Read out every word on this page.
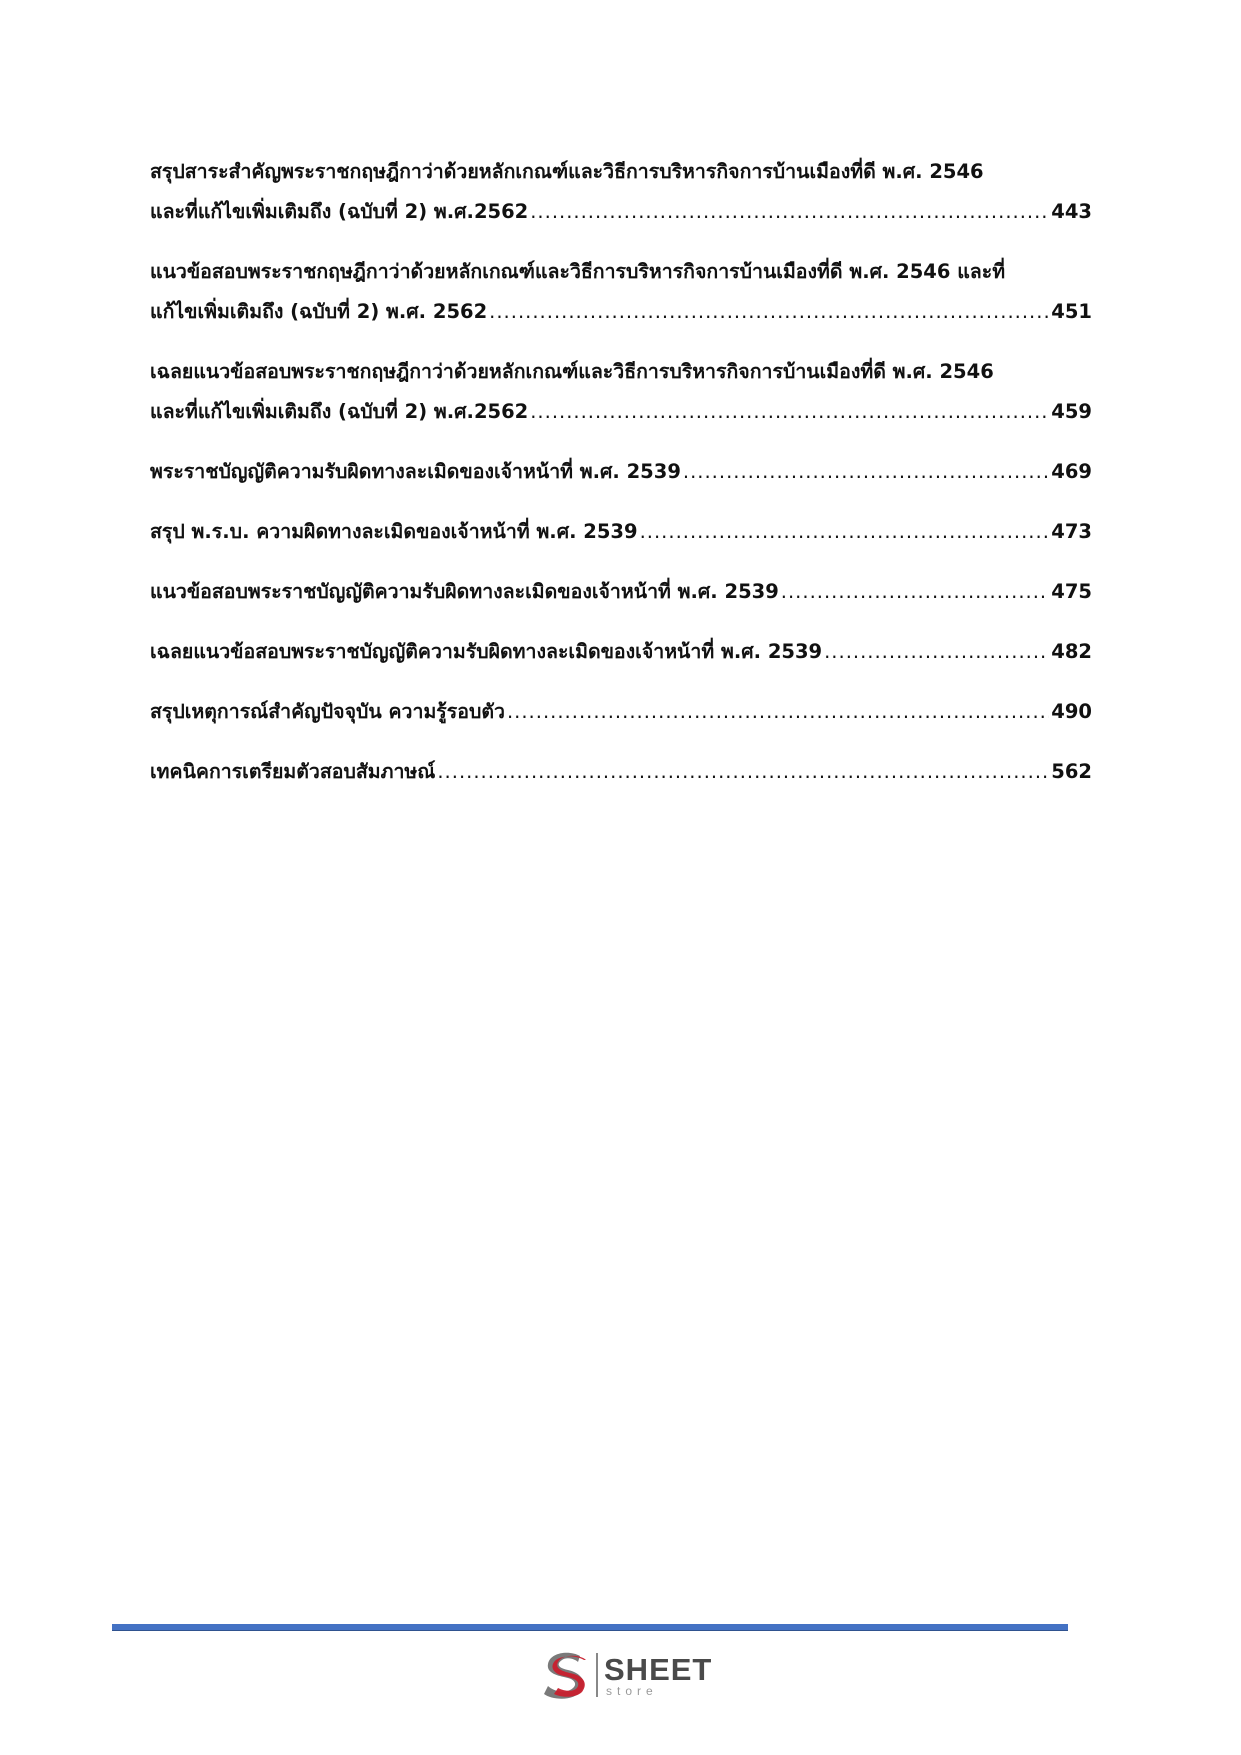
สรุปสาระสำคัญพระราชกฤษฎีกาว่าด้วยหลักเกณฑ์และวิธีการบริหารกิจการบ้านเมืองที่ดี พ.ศ. 2546
และที่แก้ไขเพิ่มเติมถึง (ฉบับที่ 2) พ.ศ.2562 .....	443
แนวข้อสอบพระราชกฤษฎีกาว่าด้วยหลักเกณฑ์และวิธีการบริหารกิจการบ้านเมืองที่ดี พ.ศ. 2546 และที่
แก้ไขเพิ่มเติมถึง (ฉบับที่ 2) พ.ศ. 2562 .....	451
เฉลยแนวข้อสอบพระราชกฤษฎีกาว่าด้วยหลักเกณฑ์และวิธีการบริหารกิจการบ้านเมืองที่ดี พ.ศ. 2546
และที่แก้ไขเพิ่มเติมถึง (ฉบับที่ 2) พ.ศ.2562 .....	459
พระราชบัญญัติความรับผิดทางละเมิดของเจ้าหน้าที่ พ.ศ. 2539 .....	469
สรุป พ.ร.บ. ความผิดทางละเมิดของเจ้าหน้าที่ พ.ศ. 2539 .....	473
แนวข้อสอบพระราชบัญญัติความรับผิดทางละเมิดของเจ้าหน้าที่ พ.ศ. 2539 .....	475
เฉลยแนวข้อสอบพระราชบัญญัติความรับผิดทางละเมิดของเจ้าหน้าที่ พ.ศ. 2539 .....	482
สรุปเหตุการณ์สำคัญปัจจุบัน ความรู้รอบตัว .....	490
เทคนิคการเตรียมตัวสอบสัมภาษณ์ .....	562
SHEET
store
